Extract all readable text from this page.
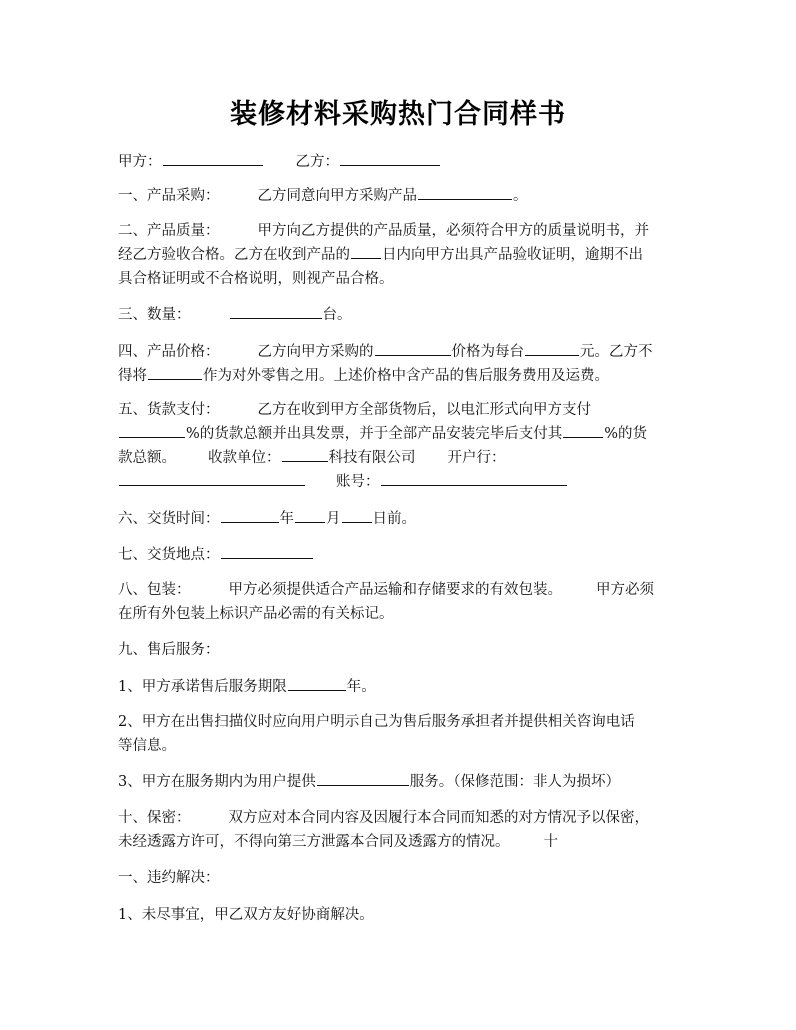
装修材料采购热门合同样书
甲方：	乙方：
一、产品采购：	乙方同意向甲方采购产品	。
二、产品质量：	甲方向乙方提供的产品质量，必须符合甲方的质量说明书，并
经乙方验收合格。乙方在收到产品的 日内向甲方出具产品验收证明，逾期不出
具合格证明或不合格说明，则视产品合格。
三、数量：	台。
四、产品价格：	乙方向甲方采购的	价格为每台	元。乙方不
得将	作为对外零售之用。上述价格中含产品的售后服务费用及运费。
五、货款支付：	乙方在收到甲方全部货物后，以电汇形式向甲方支付
%的货款总额并出具发票，并于全部产品安装完毕后支付其	%的货
款总额。 收款单位：	科技有限公司 开户行：
账号：
六、交货时间：	年 月 日前。
七、交货地点：
八、包装：	甲方必须提供适合产品运输和存储要求的有效包装。 甲方必须
在所有外包装上标识产品必需的有关标记。
九、售后服务：
1、甲方承诺售后服务期限	年。
2、甲方在出售扫描仪时应向用户明示自己为售后服务承担者并提供相关咨询电话
等信息。
3、甲方在服务期内为用户提供	服务。（保修范围：非人为损坏）
十、保密：	双方应对本合同内容及因履行本合同而知悉的对方情况予以保密，
未经透露方许可，不得向第三方泄露本合同及透露方的情况。 十
一、违约解决：
1、未尽事宜，甲乙双方友好协商解决。
